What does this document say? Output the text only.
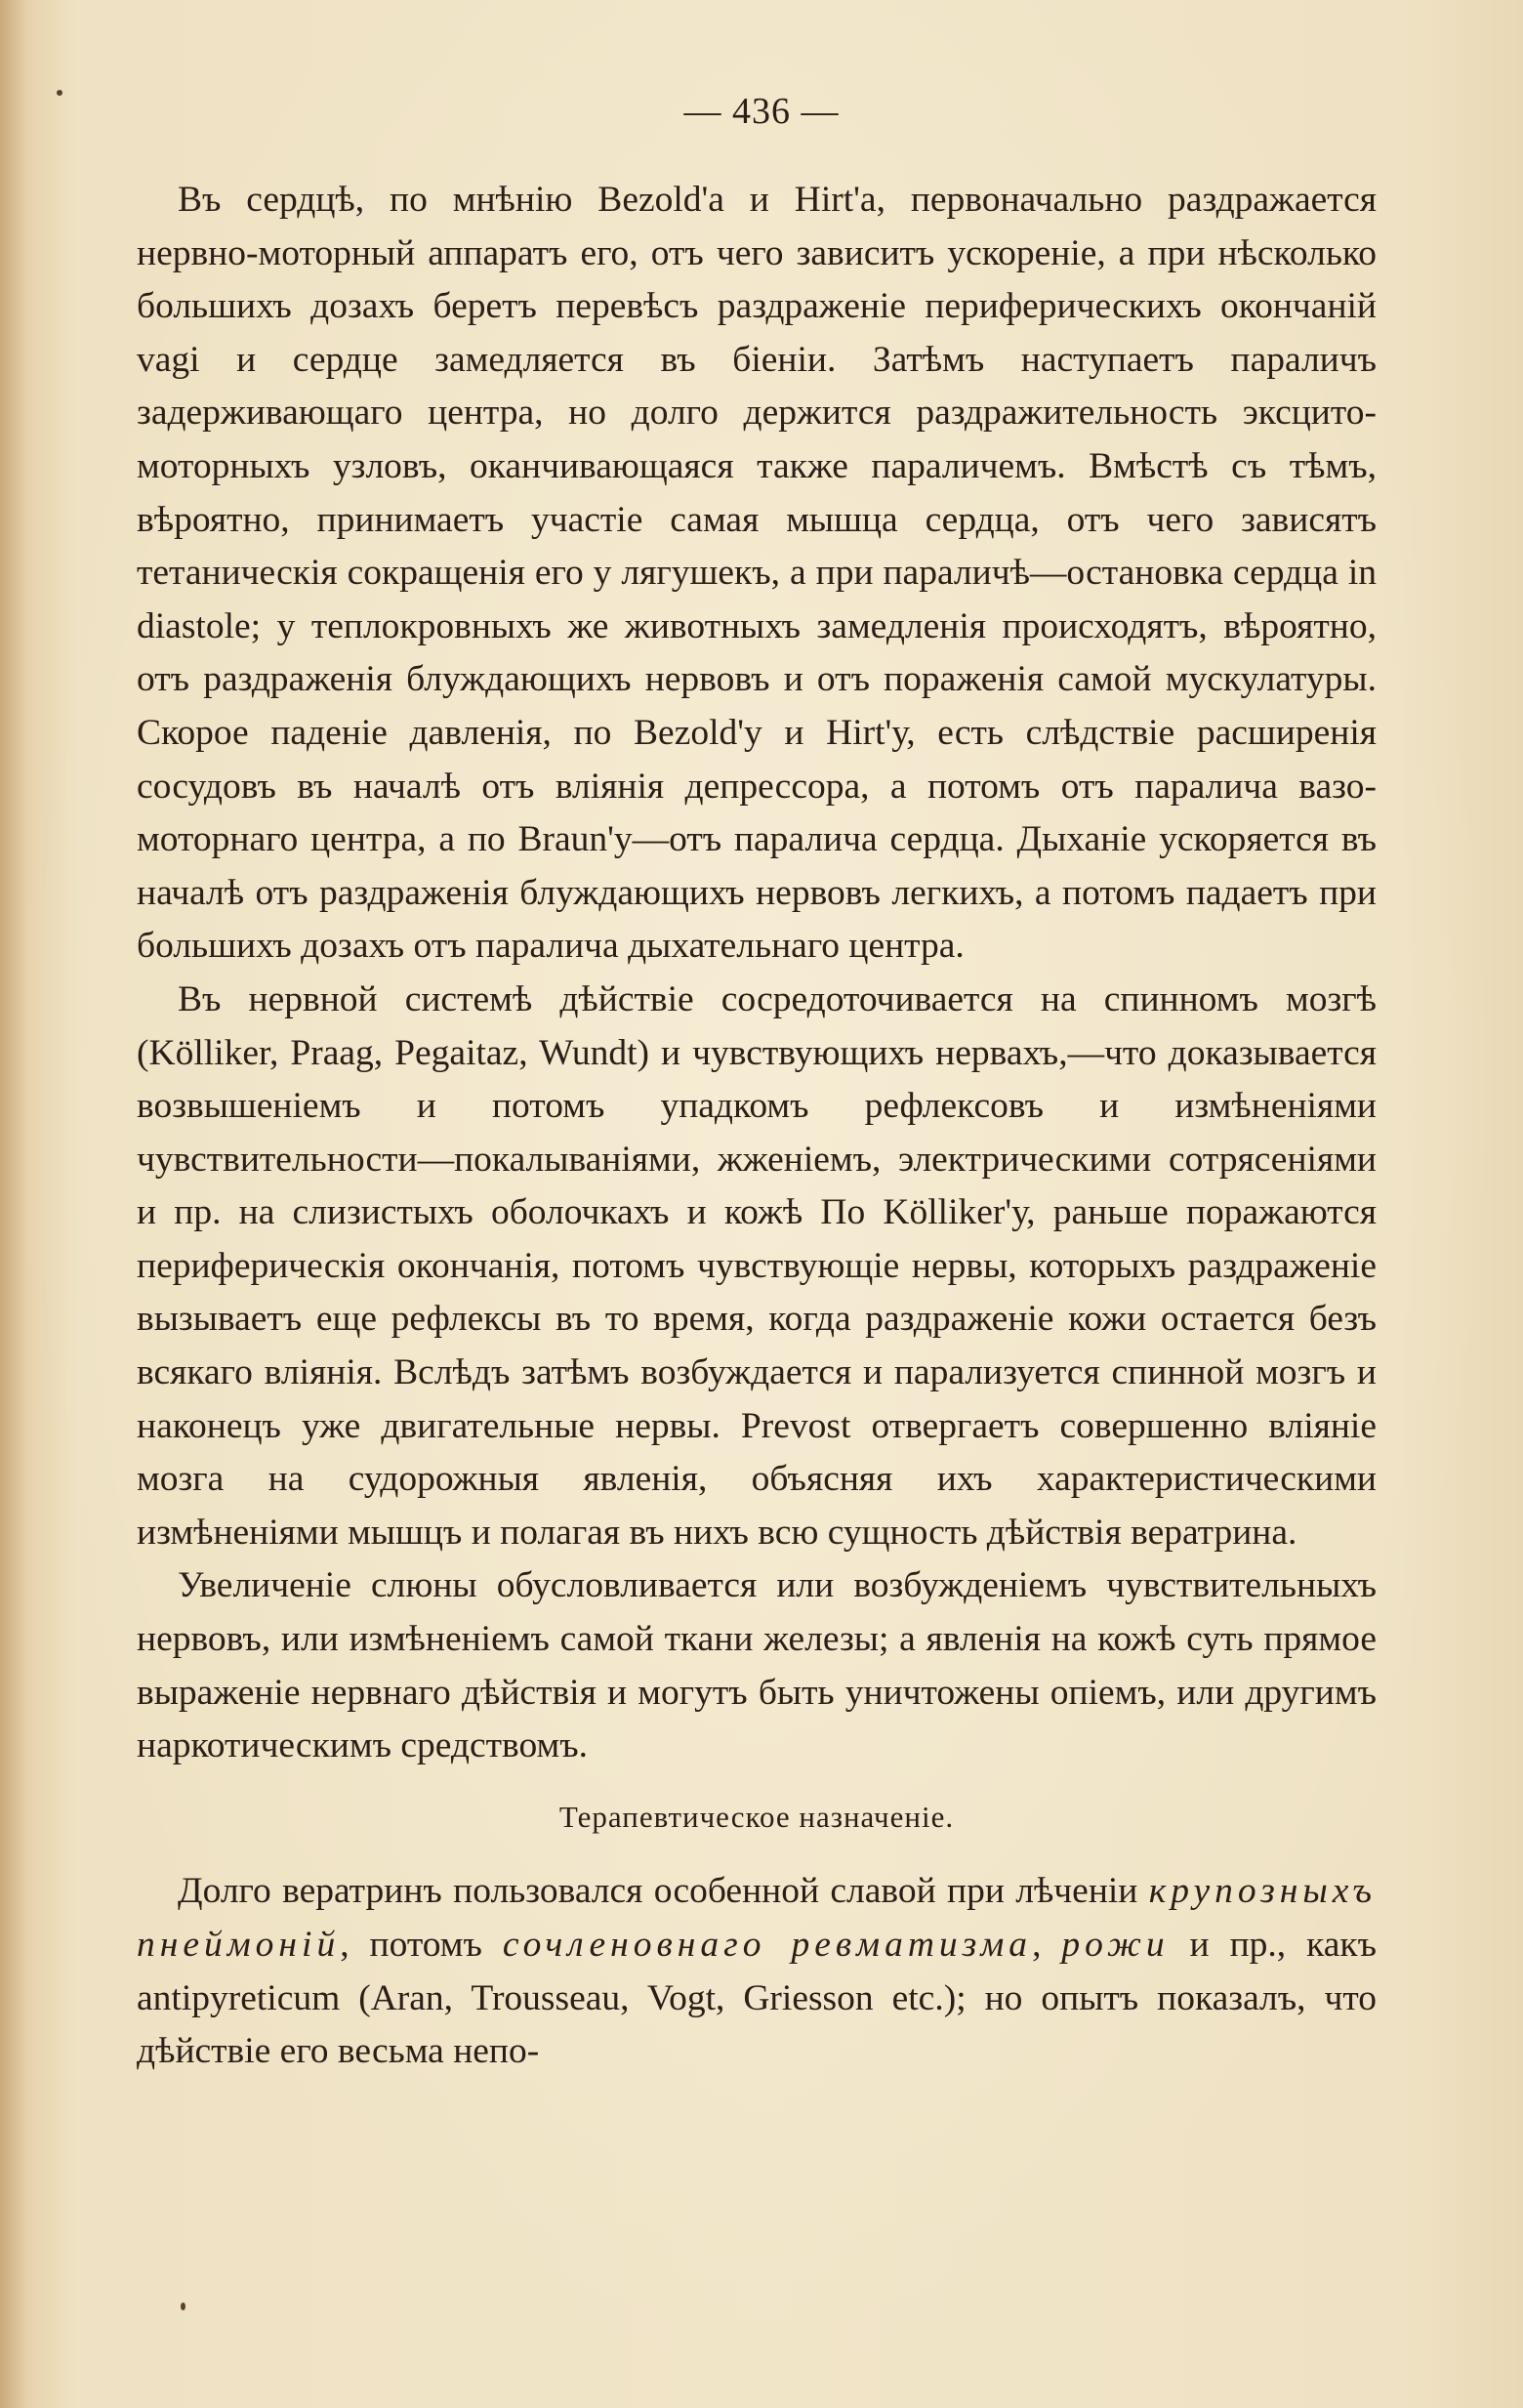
— 436 —

Въ сердцѣ, по мнѣнію Bezold'а и Hirt'а, первоначально раздражается нервно-моторный аппаратъ его, отъ чего зависитъ ускореніе, а при нѣсколько большихъ дозахъ беретъ перевѣсъ раздраженіе периферическихъ окончаній vagi и сердце замедляется въ біеніи. Затѣмъ наступаетъ параличъ задерживающаго центра, но долго держится раздражительность эксцито-моторныхъ узловъ, оканчивающаяся также параличемъ. Вмѣстѣ съ тѣмъ, вѣроятно, принимаетъ участіе самая мышца сердца, отъ чего зависятъ тетаническія сокращенія его у лягушекъ, а при параличѣ—остановка сердца in diastole; у теплокровныхъ же животныхъ замедленія происходятъ, вѣроятно, отъ раздраженія блуждающихъ нервовъ и отъ пораженія самой мускулатуры. Скорое паденіе давленія, по Bezold'у и Hirt'у, есть слѣдствіе расширенія сосудовъ въ началѣ отъ вліянія депрессора, а потомъ отъ паралича вазо-моторнаго центра, а по Braun'у—отъ паралича сердца. Дыханіе ускоряется въ началѣ отъ раздраженія блуждающихъ нервовъ легкихъ, а потомъ падаетъ при большихъ дозахъ отъ паралича дыхательнаго центра.

Въ нервной системѣ дѣйствіе сосредоточивается на спинномъ мозгѣ (Kölliker, Praag, Pegaitaz, Wundt) и чувствующихъ нервахъ,—что доказывается возвышеніемъ и потомъ упадкомъ рефлексовъ и измѣненіями чувствительности—покалываніями, жженіемъ, электрическими сотрясеніями и пр. на слизистыхъ оболочкахъ и кожѣ По Kölliker'у, раньше поражаются периферическія окончанія, потомъ чувствующіе нервы, которыхъ раздраженіе вызываетъ еще рефлексы въ то время, когда раздраженіе кожи остается безъ всякаго вліянія. Вслѣдъ затѣмъ возбуждается и парализуется спинной мозгъ и наконецъ уже двигательные нервы. Prevost отвергаетъ совершенно вліяніе мозга на судорожныя явленія, объясняя ихъ характеристическими измѣненіями мышцъ и полагая въ нихъ всю сущность дѣйствія вератрина.

Увеличеніе слюны обусловливается или возбужденіемъ чувствительныхъ нервовъ, или измѣненіемъ самой ткани железы; а явленія на кожѣ суть прямое выраженіе нервнаго дѣйствія и могутъ быть уничтожены опіемъ, или другимъ наркотическимъ средствомъ.

Терапевтическое назначеніе.

Долго вератринъ пользовался особенной славой при лѣченіи крупозныхъ пнеймоній, потомъ сочленовнаго ревматизма, рожи и пр., какъ antipyreticum (Aran, Trousseau, Vogt, Griesson etc.); но опытъ показалъ, что дѣйствіе его весьма непо-
